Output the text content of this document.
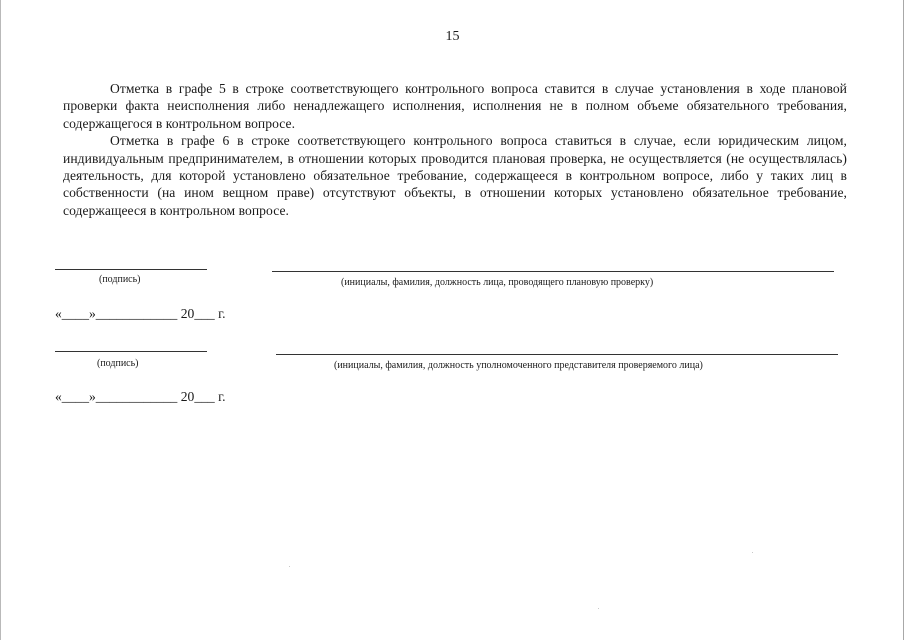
15

Отметка в графе 5 в строке соответствующего контрольного вопроса ставится в случае установления в ходе плановой проверки факта неисполнения либо ненадлежащего исполнения, исполнения не в полном объеме обязательного требования, содержащегося в контрольном вопросе.

Отметка в графе 6 в строке соответствующего контрольного вопроса ставиться в случае, если юридическим лицом, индивидуальным предпринимателем, в отношении которых проводится плановая проверка, не осуществляется (не осуществлялась) деятельность, для которой установлено обязательное требование, содержащееся в контрольном вопросе, либо у таких лиц в собственности (на ином вещном праве) отсутствуют объекты, в отношении которых установлено обязательное требование, содержащееся в контрольном вопросе.

(подпись)	(инициалы, фамилия, должность лица, проводящего плановую проверку)
«____»____________ 20___ г.
(подпись)	(инициалы, фамилия, должность уполномоченного представителя проверяемого лица)
«____»____________ 20___ г.
